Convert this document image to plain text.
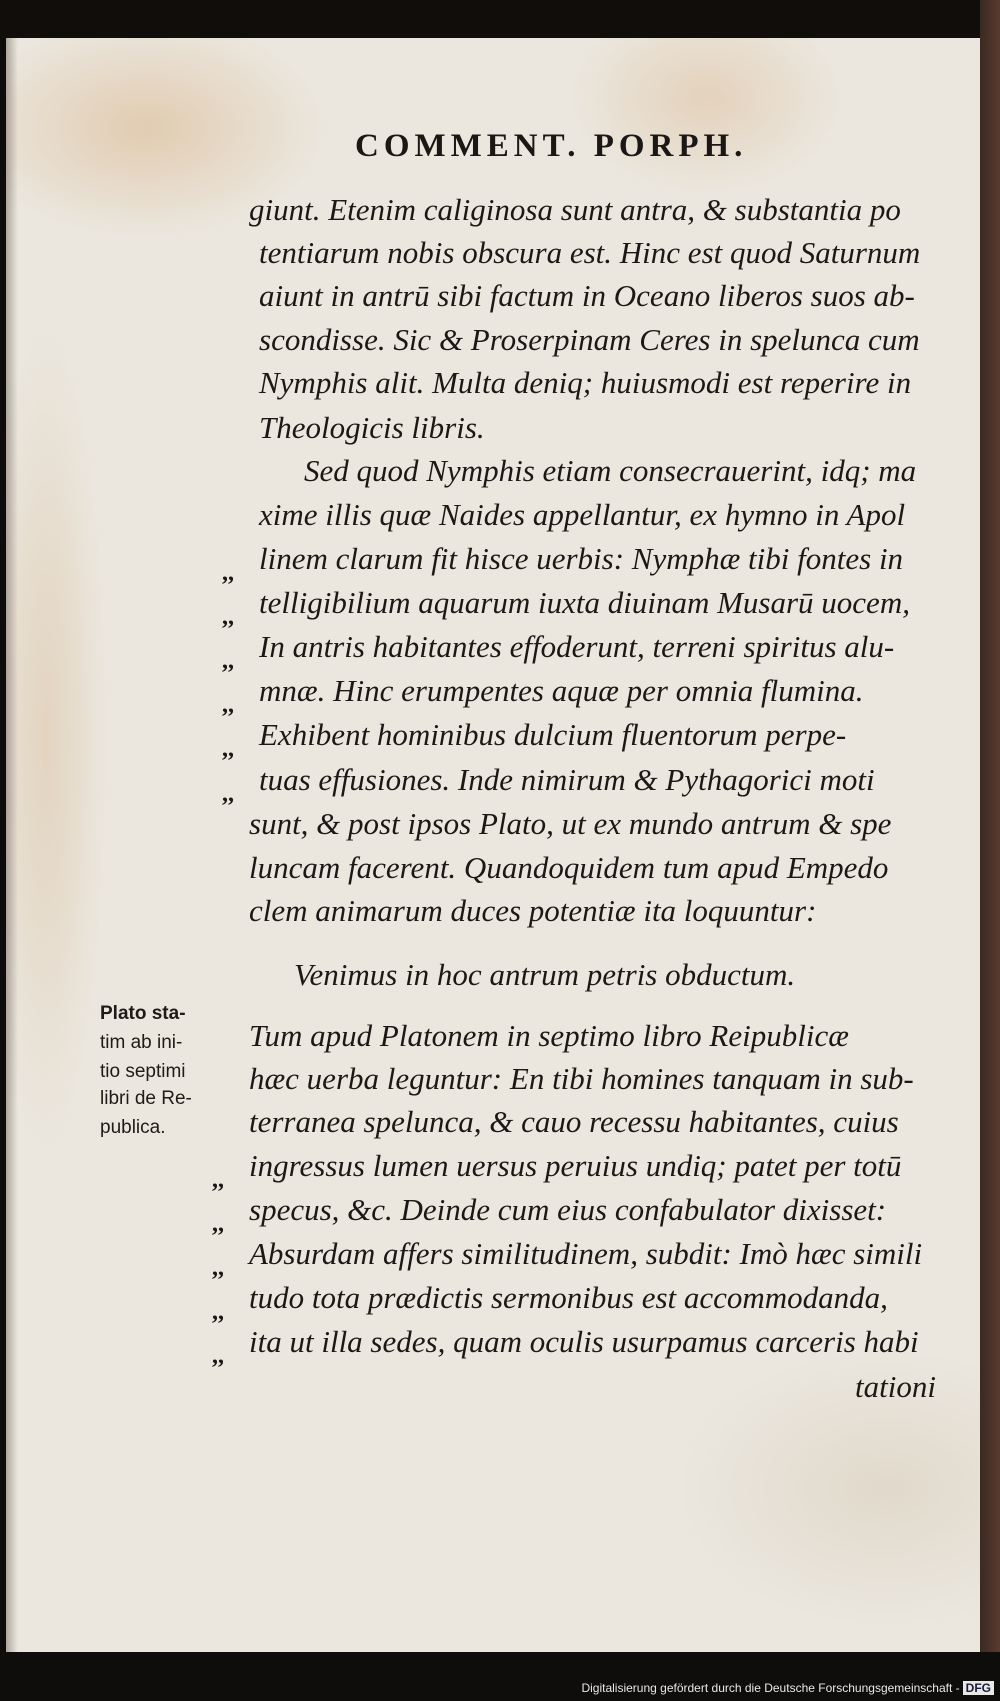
COMMENT. PORPH.
giunt. Etenim caliginosa sunt antra, & substantia po
tentiarum nobis obscura est. Hinc est quod Saturnum
aiunt in antrū sibi factum in Oceano liberos suos ab-
scondisse. Sic & Proserpinam Ceres in spelunca cum
Nymphis alit. Multa deniq; huiusmodi est reperire in
Theologicis libris.
Sed quod Nymphis etiam consecrauerint, idq; ma
xime illis quæ Naides appellantur, ex hymno in Apol
linem clarum fit hisce uerbis: Nymphæ tibi fontes in
telligibilium aquarum iuxta diuinam Musarū uocem,
In antris habitantes effoderunt, terreni spiritus alu-
mnæ. Hinc erumpentes aquæ per omnia flumina.
Exhibent hominibus dulcium fluentorum perpe-
tuas effusiones. Inde nimirum & Pythagorici moti
sunt, & post ipsos Plato, ut ex mundo antrum & spe
luncam facerent. Quandoquidem tum apud Empedo
clem animarum duces potentiæ ita loquuntur:
Venimus in hoc antrum petris obductum.
Tum apud Platonem in septimo libro Reipublicæ
hæc uerba leguntur: En tibi homines tanquam in sub-
terranea spelunca, & cauo recessu habitantes, cuius
ingressus lumen uersus peruius undiq; patet per totū
specus, &c. Deinde cum eius confabulator dixisset:
Absurdam affers similitudinem, subdit: Imò hæc simili
tudo tota prædictis sermonibus est accommodanda,
ita ut illa sedes, quam oculis usurpamus carceris habi
tationi
,,
,,
,,
,,
,,
,,
,,
,,
,,
,,
,,
Plato sta-
tim ab ini-
tio septimi
libri de Re-
publica.
Digitalisierung gefördert durch die Deutsche Forschungsgemeinschaft - DFG
